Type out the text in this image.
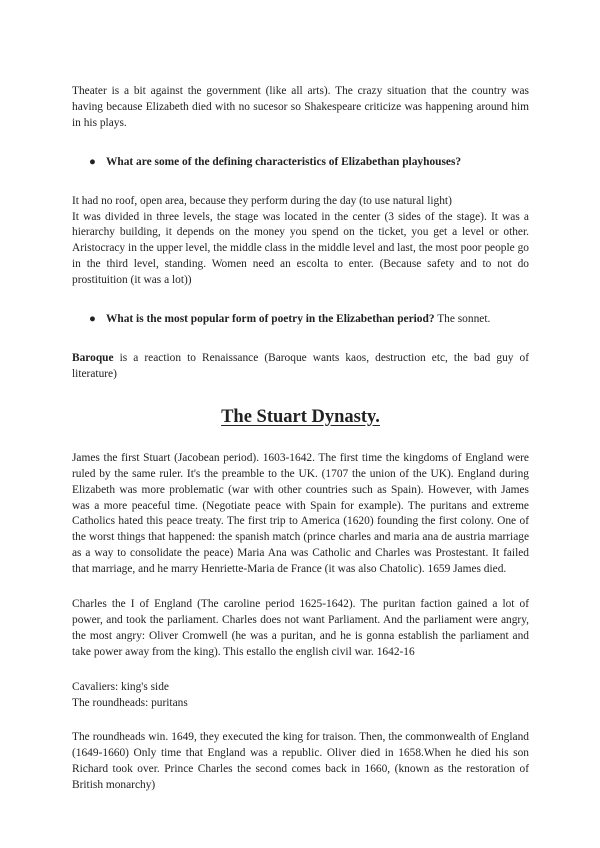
Theater is a bit against the government (like all arts). The crazy situation that the country was having because Elizabeth died with no sucesor so Shakespeare criticize was happening around him in his plays.

● What are some of the defining characteristics of Elizabethan playhouses?

It had no roof, open area, because they perform during the day (to use natural light)

It was divided in three levels, the stage was located in the center (3 sides of the stage). It was a hierarchy building, it depends on the money you spend on the ticket, you get a level or other. Aristocracy in the upper level, the middle class in the middle level and last, the most poor people go in the third level, standing. Women need an escolta to enter. (Because safety and to not do prostituition (it was a lot))

● What is the most popular form of poetry in the Elizabethan period? The sonnet.

Baroque is a reaction to Renaissance (Baroque wants kaos, destruction etc, the bad guy of literature)

The Stuart Dynasty.

James the first Stuart (Jacobean period). 1603-1642. The first time the kingdoms of England were ruled by the same ruler. It's the preamble to the UK. (1707 the union of the UK). England during Elizabeth was more problematic (war with other countries such as Spain). However, with James was a more peaceful time. (Negotiate peace with Spain for example). The puritans and extreme Catholics hated this peace treaty. The first trip to America (1620) founding the first colony. One of the worst things that happened: the spanish match (prince charles and maria ana de austria marriage as a way to consolidate the peace) Maria Ana was Catholic and Charles was Prostestant. It failed that marriage, and he marry Henriette-Maria de France (it was also Chatolic). 1659 James died.

Charles the I of England (The caroline period 1625-1642). The puritan faction gained a lot of power, and took the parliament. Charles does not want Parliament. And the parliament were angry, the most angry: Oliver Cromwell (he was a puritan, and he is gonna establish the parliament and take power away from the king). This estallo the english civil war. 1642-16

Cavaliers: king's side

The roundheads: puritans

The roundheads win. 1649, they executed the king for traison. Then, the commonwealth of England (1649-1660) Only time that England was a republic. Oliver died in 1658.When he died his son Richard took over. Prince Charles the second comes back in 1660, (known as the restoration of British monarchy)
